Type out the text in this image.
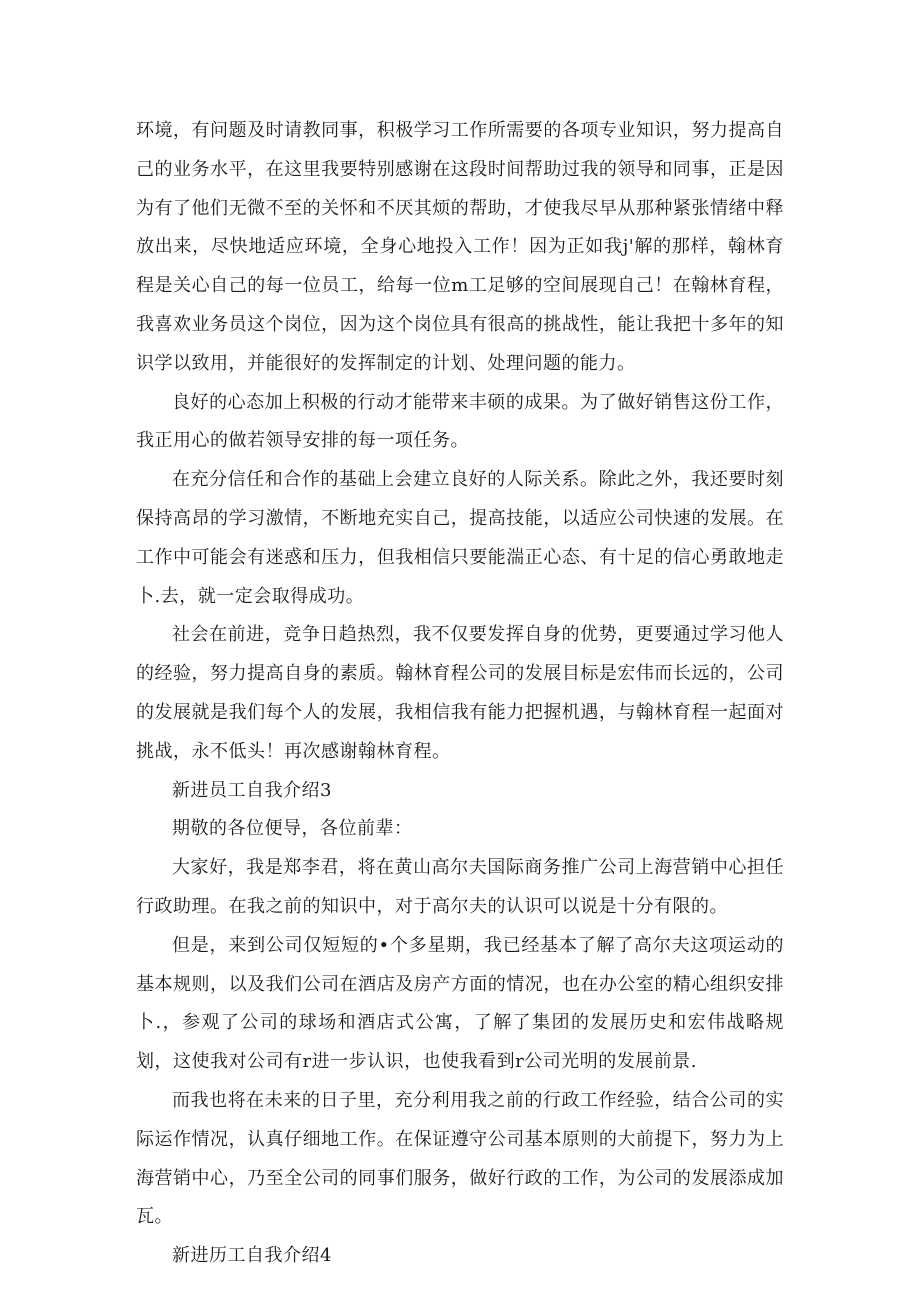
环境，有问题及时请教同事，积极学习工作所需要的各项专业知识，努力提高自己的业务水平，在这里我要特别感谢在这段时间帮助过我的领导和同事，正是因为有了他们无微不至的关怀和不厌其烦的帮助，才使我尽早从那种紧张情绪中释放出来，尽快地适应环境，全身心地投入工作！因为正如我j'解的那样，翰林育程是关心自己的每一位员工，给每一位m工足够的空间展现自己！在翰林育程，我喜欢业务员这个岗位，因为这个岗位具有很高的挑战性，能让我把十多年的知识学以致用，并能很好的发挥制定的计划、处理问题的能力。

良好的心态加上积极的行动才能带来丰硕的成果。为了做好销售这份工作，我正用心的做若领导安排的每一项任务。

在充分信任和合作的基础上会建立良好的人际关系。除此之外，我还要时刻保持高昂的学习激情，不断地充实自己，提高技能，以适应公司快速的发展。在工作中可能会有迷惑和压力，但我相信只要能湍正心态、有十足的信心勇敢地走卜.去，就一定会取得成功。

社会在前进，竞争日趋热烈，我不仅要发挥自身的优势，更要通过学习他人的经验，努力提高自身的素质。翰林育程公司的发展目标是宏伟而长远的，公司的发展就是我们每个人的发展，我相信我有能力把握机遇，与翰林育程一起面对挑战，永不低头！再次感谢翰林育程。

新进员工自我介绍3

期敬的各位便导，各位前辈：

大家好，我是郑李君，将在黄山高尔夫国际商务推广公司上海营销中心担任行政助理。在我之前的知识中，对于高尔夫的认识可以说是十分有限的。

但是，来到公司仅短短的•个多星期，我已经基本了解了高尔夫这项运动的基本规则，以及我们公司在酒店及房产方面的情况，也在办公室的精心组织安排卜.，参观了公司的球场和酒店式公寓，了解了集团的发展历史和宏伟战略规划，这使我对公司有r进一步认识，也使我看到r公司光明的发展前景.

而我也将在未来的日子里，充分利用我之前的行政工作经验，结合公司的实际运作情况，认真仔细地工作。在保证遵守公司基本原则的大前提下，努力为上海营销中心，乃至全公司的同事们服务，做好行政的工作，为公司的发展添成加瓦。

新进历工自我介绍4
